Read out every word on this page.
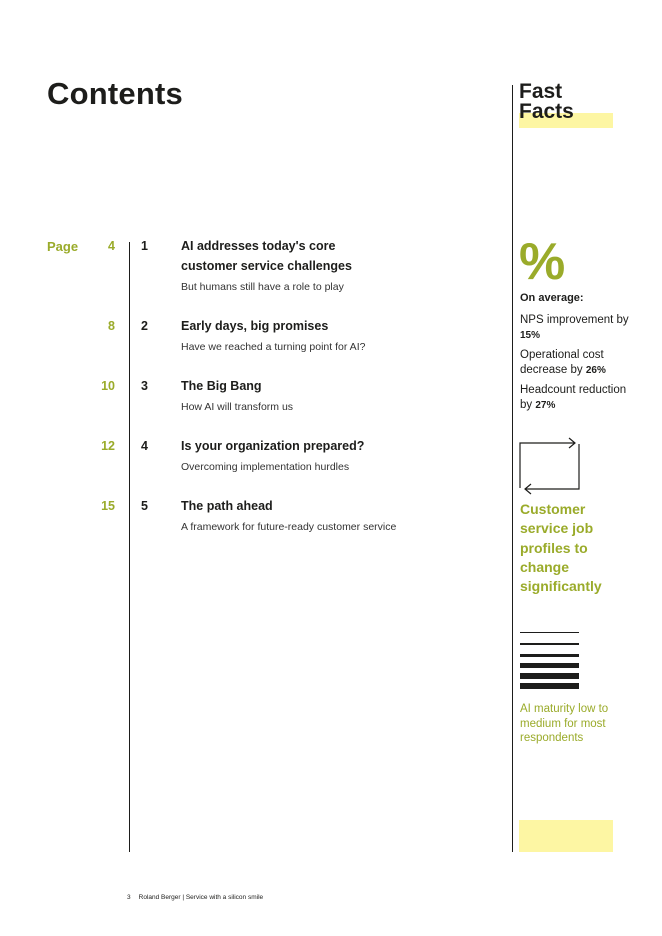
Contents
Page	4 1	AI addresses today's core customer service challenges
But humans still have a role to play
8 2	Early days, big promises
Have we reached a turning point for AI?
10 3	The Big Bang
How AI will transform us
12 4	Is your organization prepared?
Overcoming implementation hurdles
15 5	The path ahead
A framework for future-ready customer service
Fast
Facts
%
On average:
NPS improvement by 15%
Operational cost decrease by 26%
Headcount reduction by 27%
Customer service job profiles to change significantly
AI maturity low to medium for most respondents
3 Roland Berger | Service with a silicon smile
